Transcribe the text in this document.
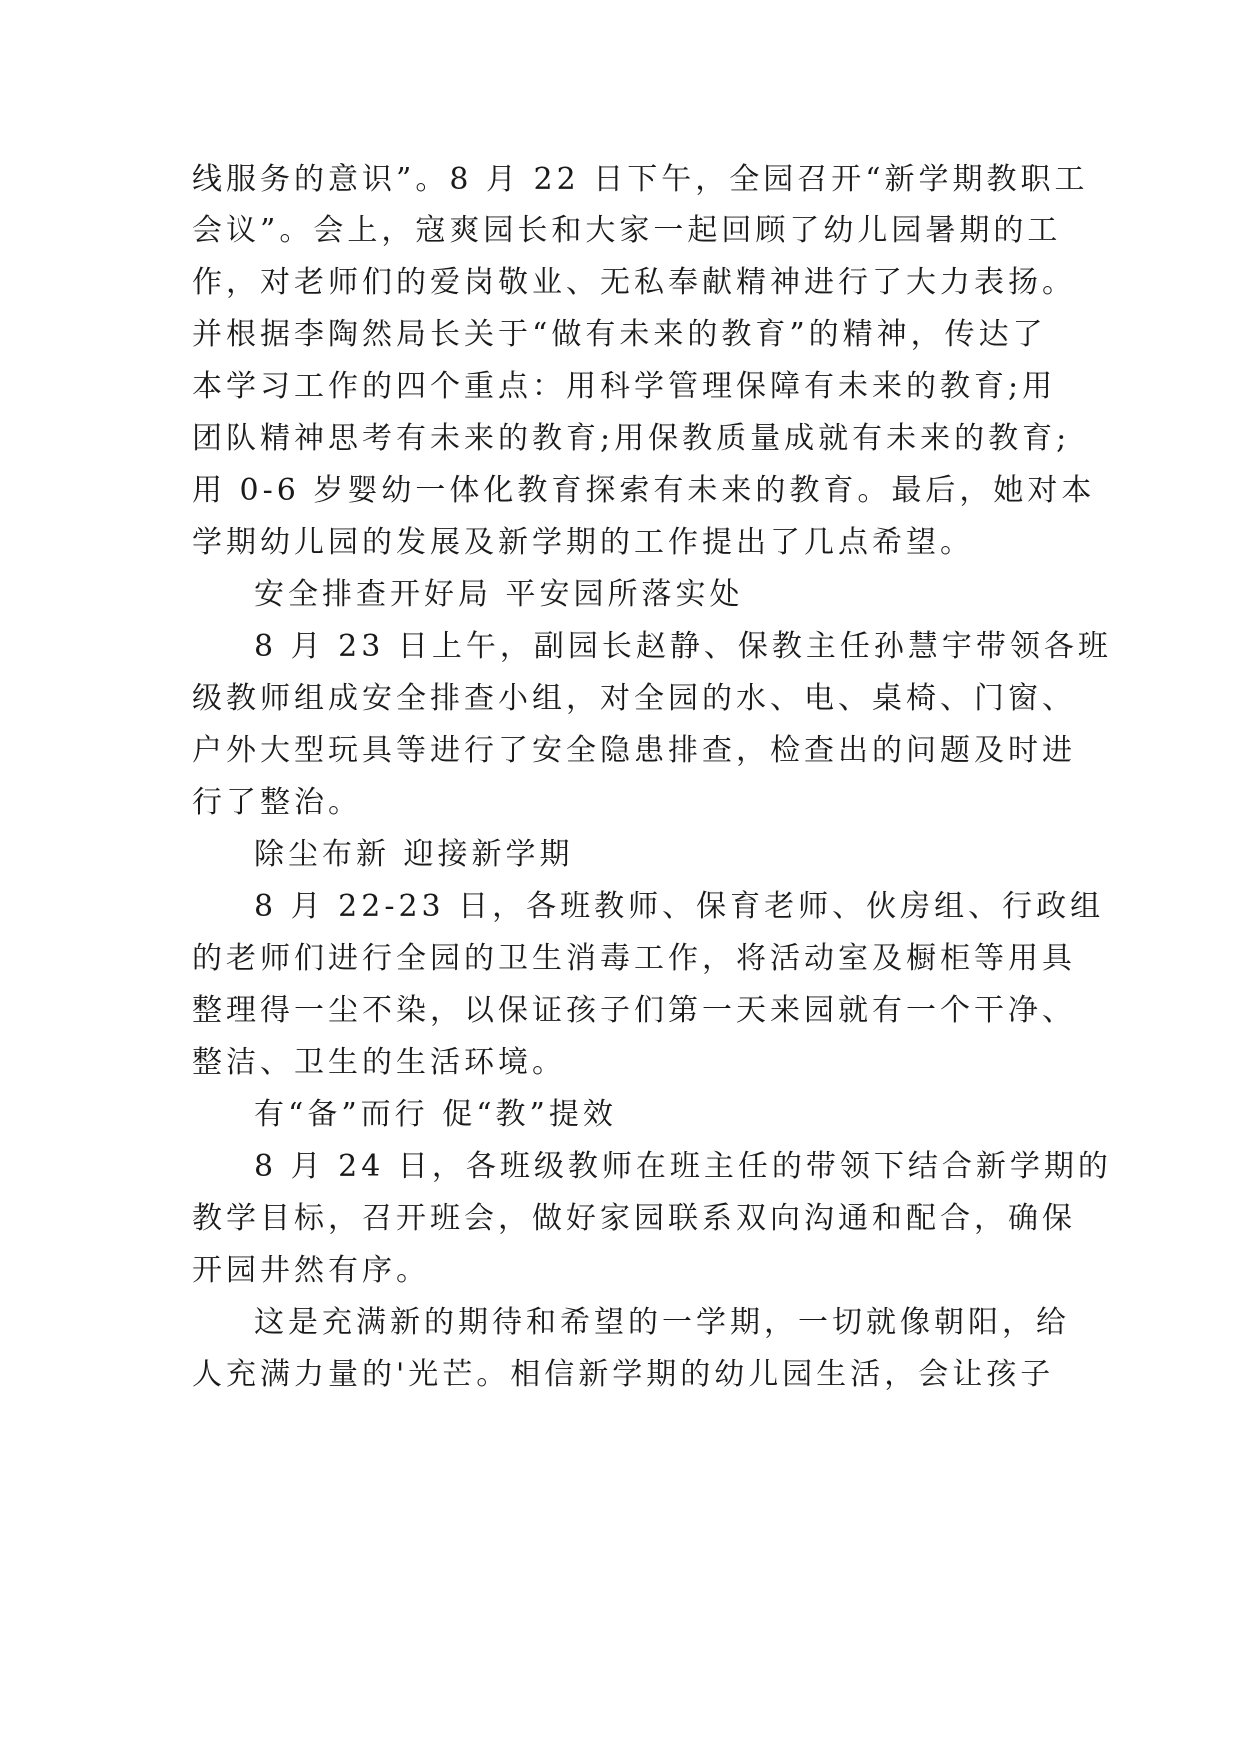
线服务的意识”。8 月 22 日下午，全园召开“新学期教职工
会议”。会上，寇爽园长和大家一起回顾了幼儿园暑期的工
作，对老师们的爱岗敬业、无私奉献精神进行了大力表扬。
并根据李陶然局长关于“做有未来的教育”的精神，传达了
本学习工作的四个重点：用科学管理保障有未来的教育;用
团队精神思考有未来的教育;用保教质量成就有未来的教育;
用 0-6 岁婴幼一体化教育探索有未来的教育。最后，她对本
学期幼儿园的发展及新学期的工作提出了几点希望。
安全排查开好局 平安园所落实处
8 月 23 日上午，副园长赵静、保教主任孙慧宇带领各班
级教师组成安全排查小组，对全园的水、电、桌椅、门窗、
户外大型玩具等进行了安全隐患排查，检查出的问题及时进
行了整治。
除尘布新 迎接新学期
8 月 22-23 日，各班教师、保育老师、伙房组、行政组
的老师们进行全园的卫生消毒工作，将活动室及橱柜等用具
整理得一尘不染，以保证孩子们第一天来园就有一个干净、
整洁、卫生的生活环境。
有“备”而行 促“教”提效
8 月 24 日，各班级教师在班主任的带领下结合新学期的
教学目标，召开班会，做好家园联系双向沟通和配合，确保
开园井然有序。
这是充满新的期待和希望的一学期，一切就像朝阳，给
人充满力量的'光芒。相信新学期的幼儿园生活，会让孩子
